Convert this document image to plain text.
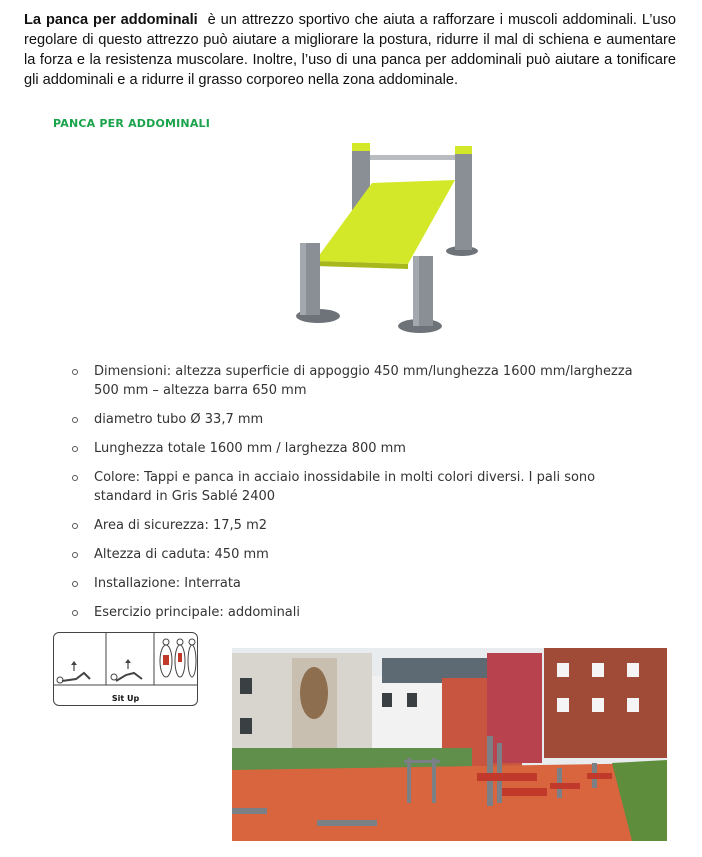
La panca per addominali è un attrezzo sportivo che aiuta a rafforzare i muscoli addominali. L’uso regolare di questo attrezzo può aiutare a migliorare la postura, ridurre il mal di schiena e aumentare la forza e la resistenza muscolare. Inoltre, l’uso di una panca per addominali può aiutare a tonificare gli addominali e a ridurre il grasso corporeo nella zona addominale.
PANCA PER ADDOMINALI
Dimensioni: altezza superficie di appoggio 450 mm/lunghezza 1600 mm/larghezza 500 mm – altezza barra 650 mm
diametro tubo Ø 33,7 mm
Lunghezza totale 1600 mm / larghezza 800 mm
Colore: Tappi e panca in acciaio inossidabile in molti colori diversi. I pali sono standard in Gris Sablé 2400
Area di sicurezza: 17,5 m2
Altezza di caduta: 450 mm
Installazione: Interrata
Esercizio principale: addominali
Sit Up
